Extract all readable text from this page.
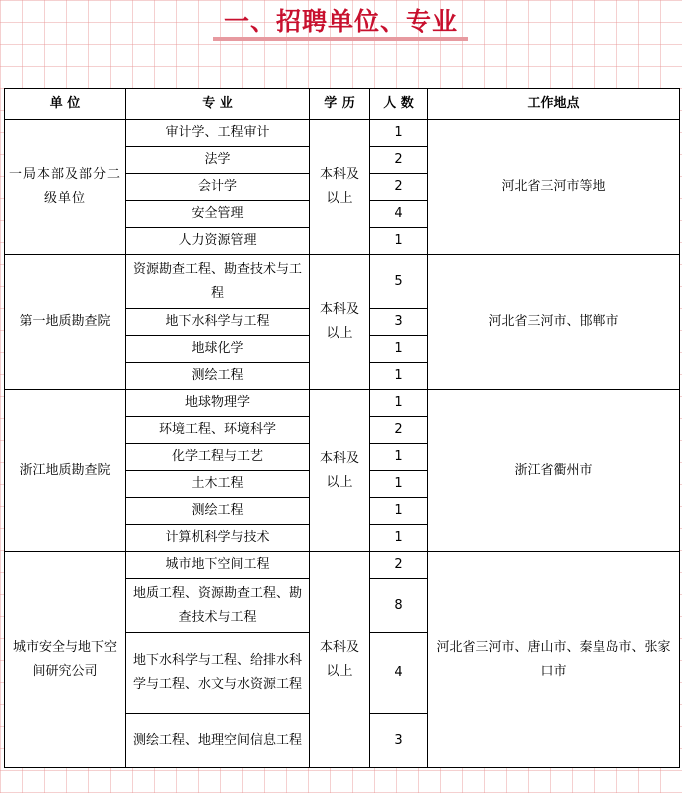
一、招聘单位、专业
单 位	专 业	学 历	人 数	工作地点

一局本部及部分二级单位	审计学、工程审计	本科及以上	1	河北省三河市等地
	法学		2	
	会计学		2	
	安全管理		4	
	人力资源管理		1	
第一地质勘查院	资源勘查工程、勘查技术与工程	本科及以上	5	河北省三河市、邯郸市
	地下水科学与工程		3	
	地球化学		1	
	测绘工程		1	
浙江地质勘查院	地球物理学	本科及以上	1	浙江省衢州市
	环境工程、环境科学		2	
	化学工程与工艺		1	
	土木工程		1	
	测绘工程		1	
	计算机科学与技术		1	

城市安全与地下空间研究公司	城市地下空间工程	本科及以上	2	河北省三河市、唐山市、秦皇岛市、张家口市

	地质工程、资源勘查工程、勘查技术与工程		8	

	地下水科学与工程、给排水科学与工程、水文与水资源工程		4	

	测绘工程、地理空间信息工程		3	
